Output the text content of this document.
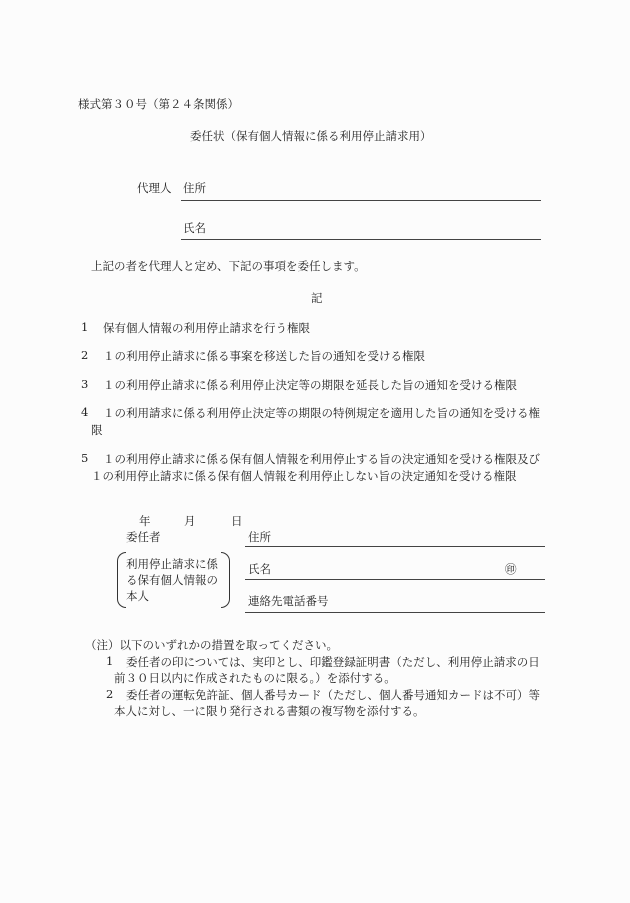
様式第３０号（第２４条関係）
委任状（保有個人情報に係る利用停止請求用）
代理人 住所
氏名
上記の者を代理人と定め、下記の事項を委任します。
記
1 保有個人情報の利用停止請求を行う権限
2 １の利用停止請求に係る事案を移送した旨の通知を受ける権限
3 １の利用停止請求に係る利用停止決定等の期限を延長した旨の通知を受ける権限
4 １の利用請求に係る利用停止決定等の期限の特例規定を適用した旨の通知を受ける権
限
5 １の利用停止請求に係る保有個人情報を利用停止する旨の決定通知を受ける権限及び
１の利用停止請求に係る保有個人情報を利用停止しない旨の決定通知を受ける権限
年	月	日
委任者
利用停止請求に係
る保有個人情報の
本人
住所
氏名	㊞
連絡先電話番号
（注）以下のいずれかの措置を取ってください。
1 委任者の印については、実印とし、印鑑登録証明書（ただし、利用停止請求の日
前３０日以内に作成されたものに限る。）を添付する。
2 委任者の運転免許証、個人番号カード（ただし、個人番号通知カードは不可）等
本人に対し、一に限り発行される書類の複写物を添付する。
